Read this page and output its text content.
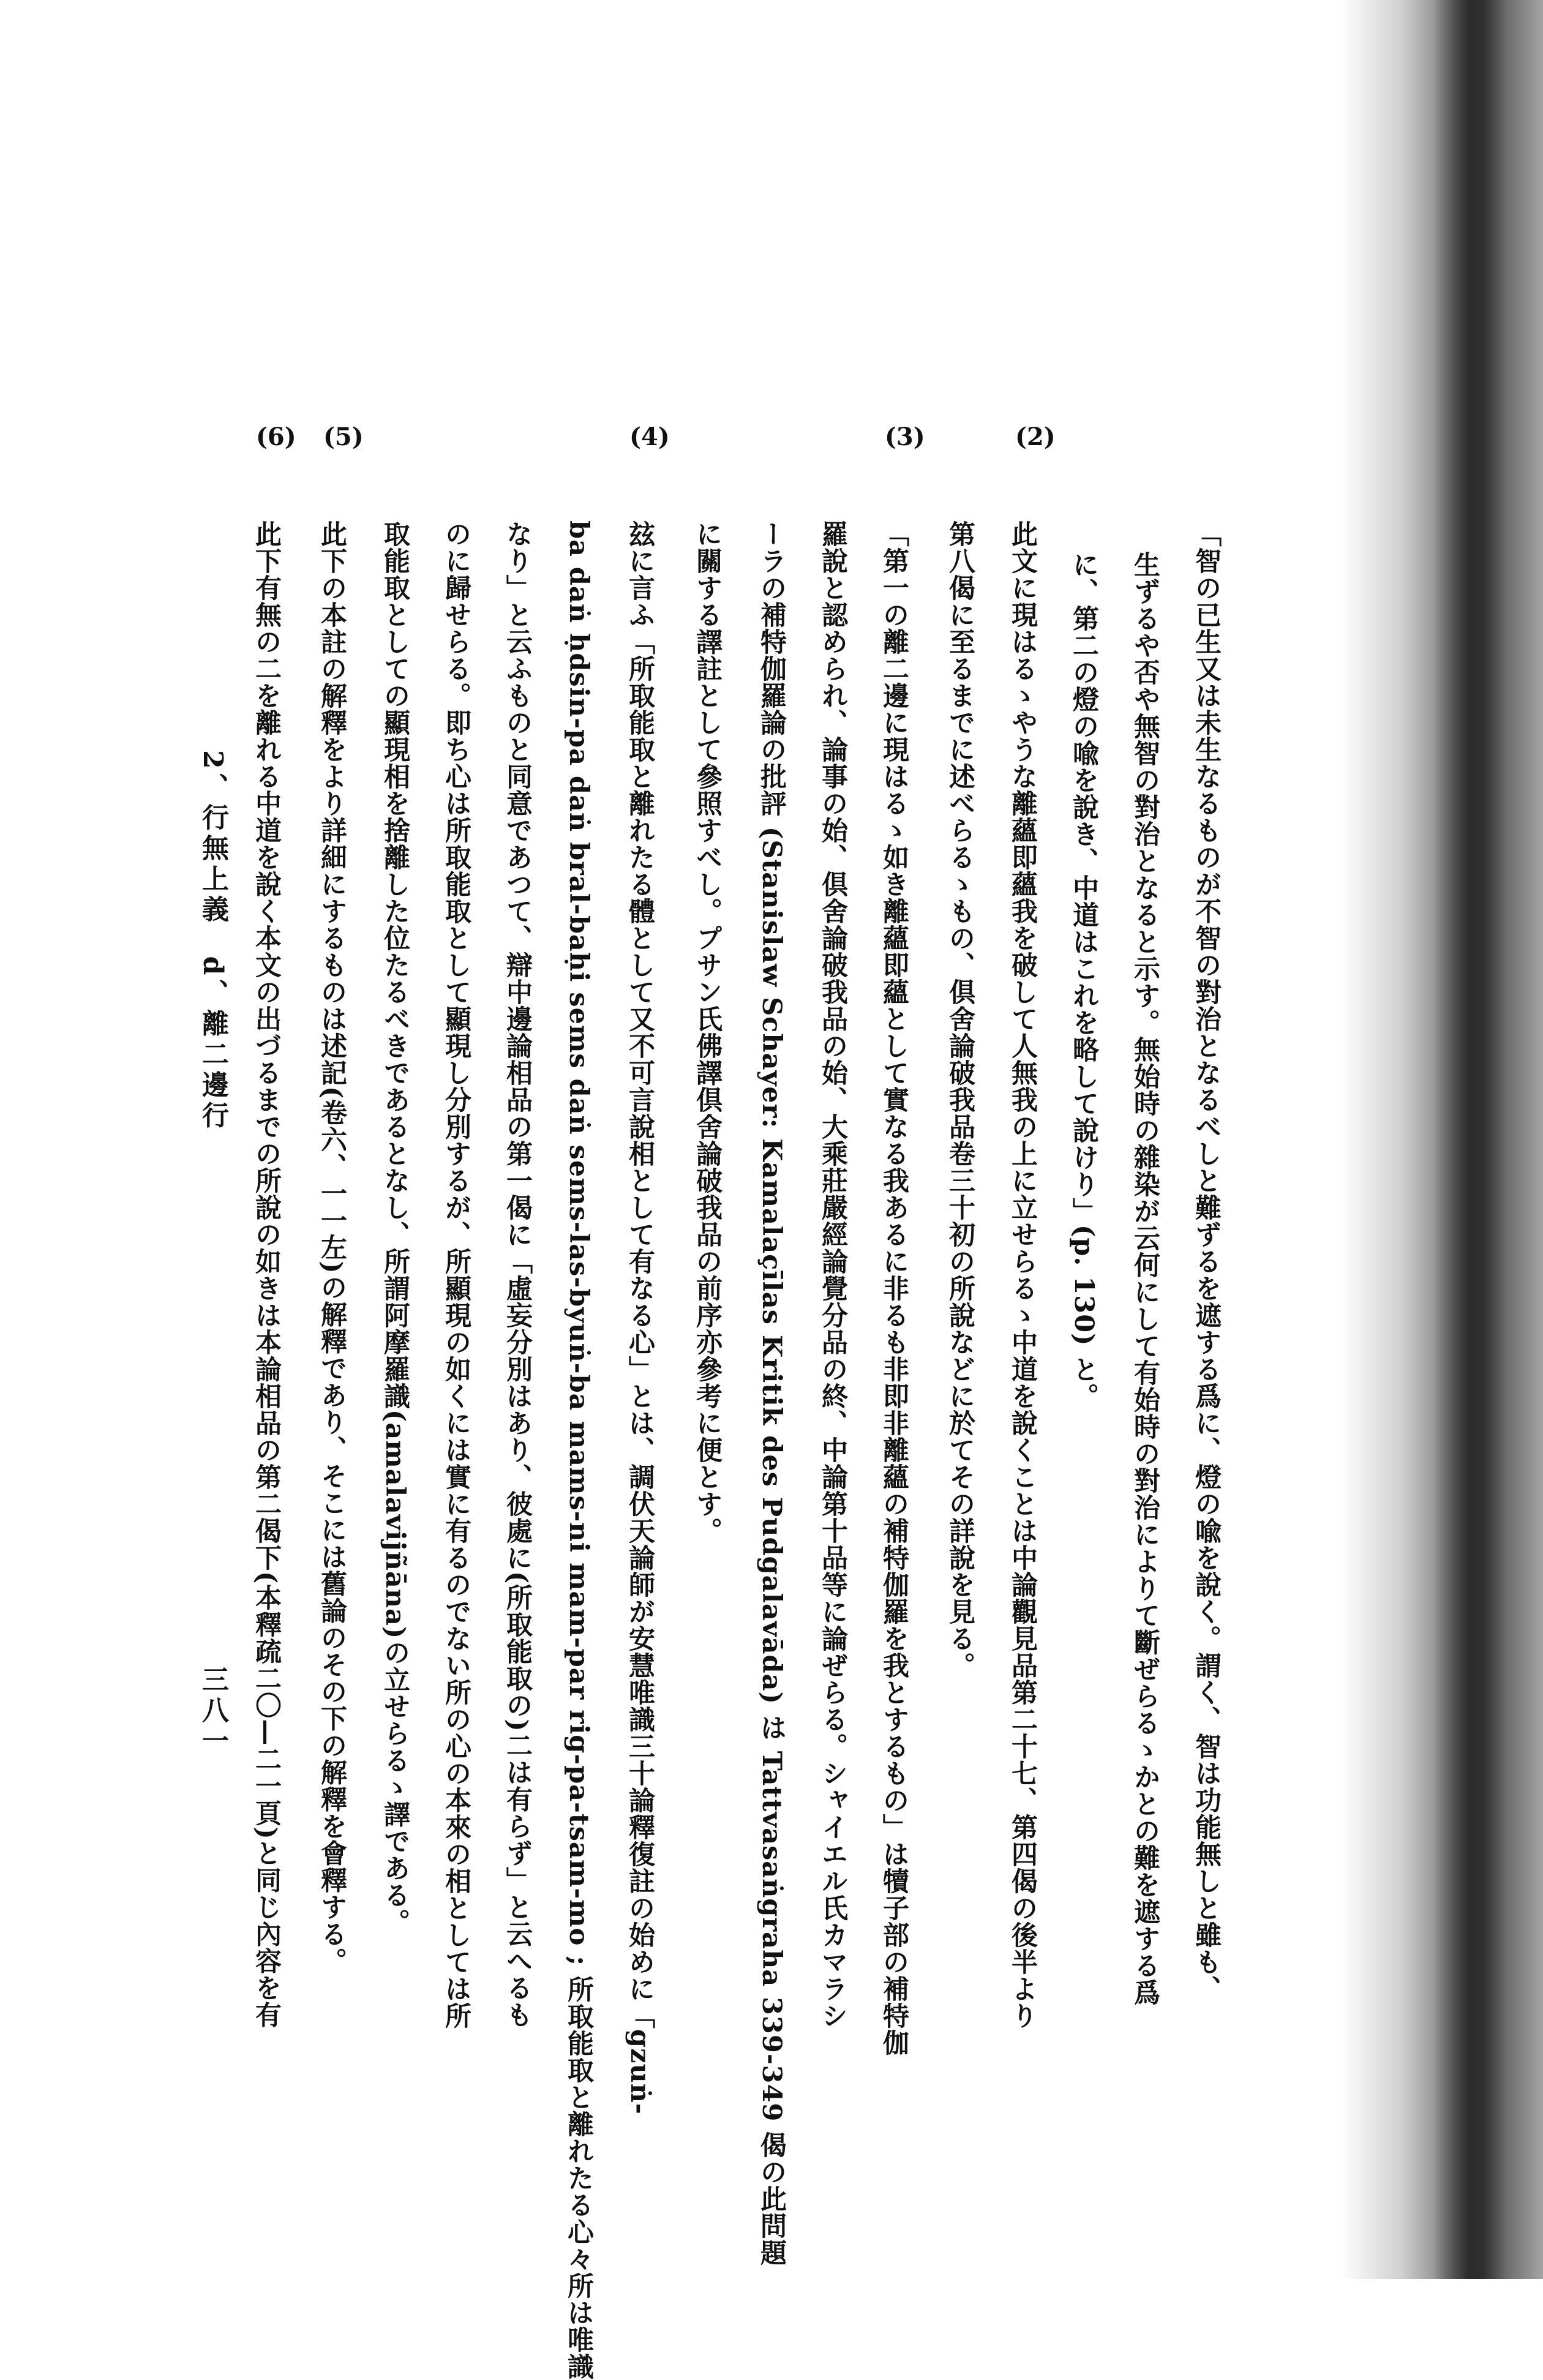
(2)
(3)
(4)
(5)
(6)
「智の已生又は未生なるものが不智の對治となるべしと難ずるを遮する爲に、燈の喩を說く。謂く、智は功能無しと雖も、
生ずるや否や無智の對治となると示す。無始時の雜染が云何にして有始時の對治によりて斷ぜらるゝかとの難を遮する爲
に、第二の燈の喩を說き、中道はこれを略して說けり」(p. 130) と。
此文に現はるゝやうな離蘊即蘊我を破して人無我の上に立せらるゝ中道を說くことは中論觀見品第二十七、第四偈の後半より
第八偈に至るまでに述べらるゝもの、倶舍論破我品卷三十初の所說などに於てその詳說を見る。
「第一の離二邊に現はるゝ如き離蘊即蘊として實なる我あるに非るも非即非離蘊の補特伽羅を我とするもの」は犢子部の補特伽
羅說と認められ、論事の始、倶舍論破我品の始、大乘莊嚴經論覺分品の終、中論第十品等に論ぜらる。シャイエル氏カマラシ
ーラの補特伽羅論の批評 (Stanislaw Schayer: Kamalaçīlas Kritik des Pudgalavāda) は Tattvasaṅgraha 339-349 偈の此問題
に關する譯註として參照すべし。プサン氏佛譯倶舍論破我品の前序亦參考に便とす。
玆に言ふ「所取能取と離れたる體として又不可言說相として有なる心」とは、調伏天論師が安慧唯識三十論釋復註の始めに「gzuṅ-
ba daṅ ḥdsin-pa daṅ bral-baḥi sems daṅ sems-las-byuṅ-ba mams-ni mam-par rig-pa-tsam-mo ; 所取能取と離れたる心々所は唯識
なり」と云ふものと同意であつて、辯中邊論相品の第一偈に「虛妄分別はあり、彼處に(所取能取の)二は有らず」と云へるも
のに歸せらる。即ち心は所取能取として顯現し分別するが、所顯現の如くには實に有るのでない所の心の本來の相としては所
取能取としての顯現相を捨離した位たるべきであるとなし、所謂阿摩羅識(amalavijñāna)の立せらるゝ譯である。
此下の本註の解釋をより詳細にするものは述記(卷六、一一左)の解釋であり、そこには舊論のその下の解釋を會釋する。
此下有無の二を離れる中道を說く本文の出づるまでの所說の如きは本論相品の第二偈下(本釋疏二〇—二一頁)と同じ內容を有
2、行無上義　d、離二邊行
三八一
